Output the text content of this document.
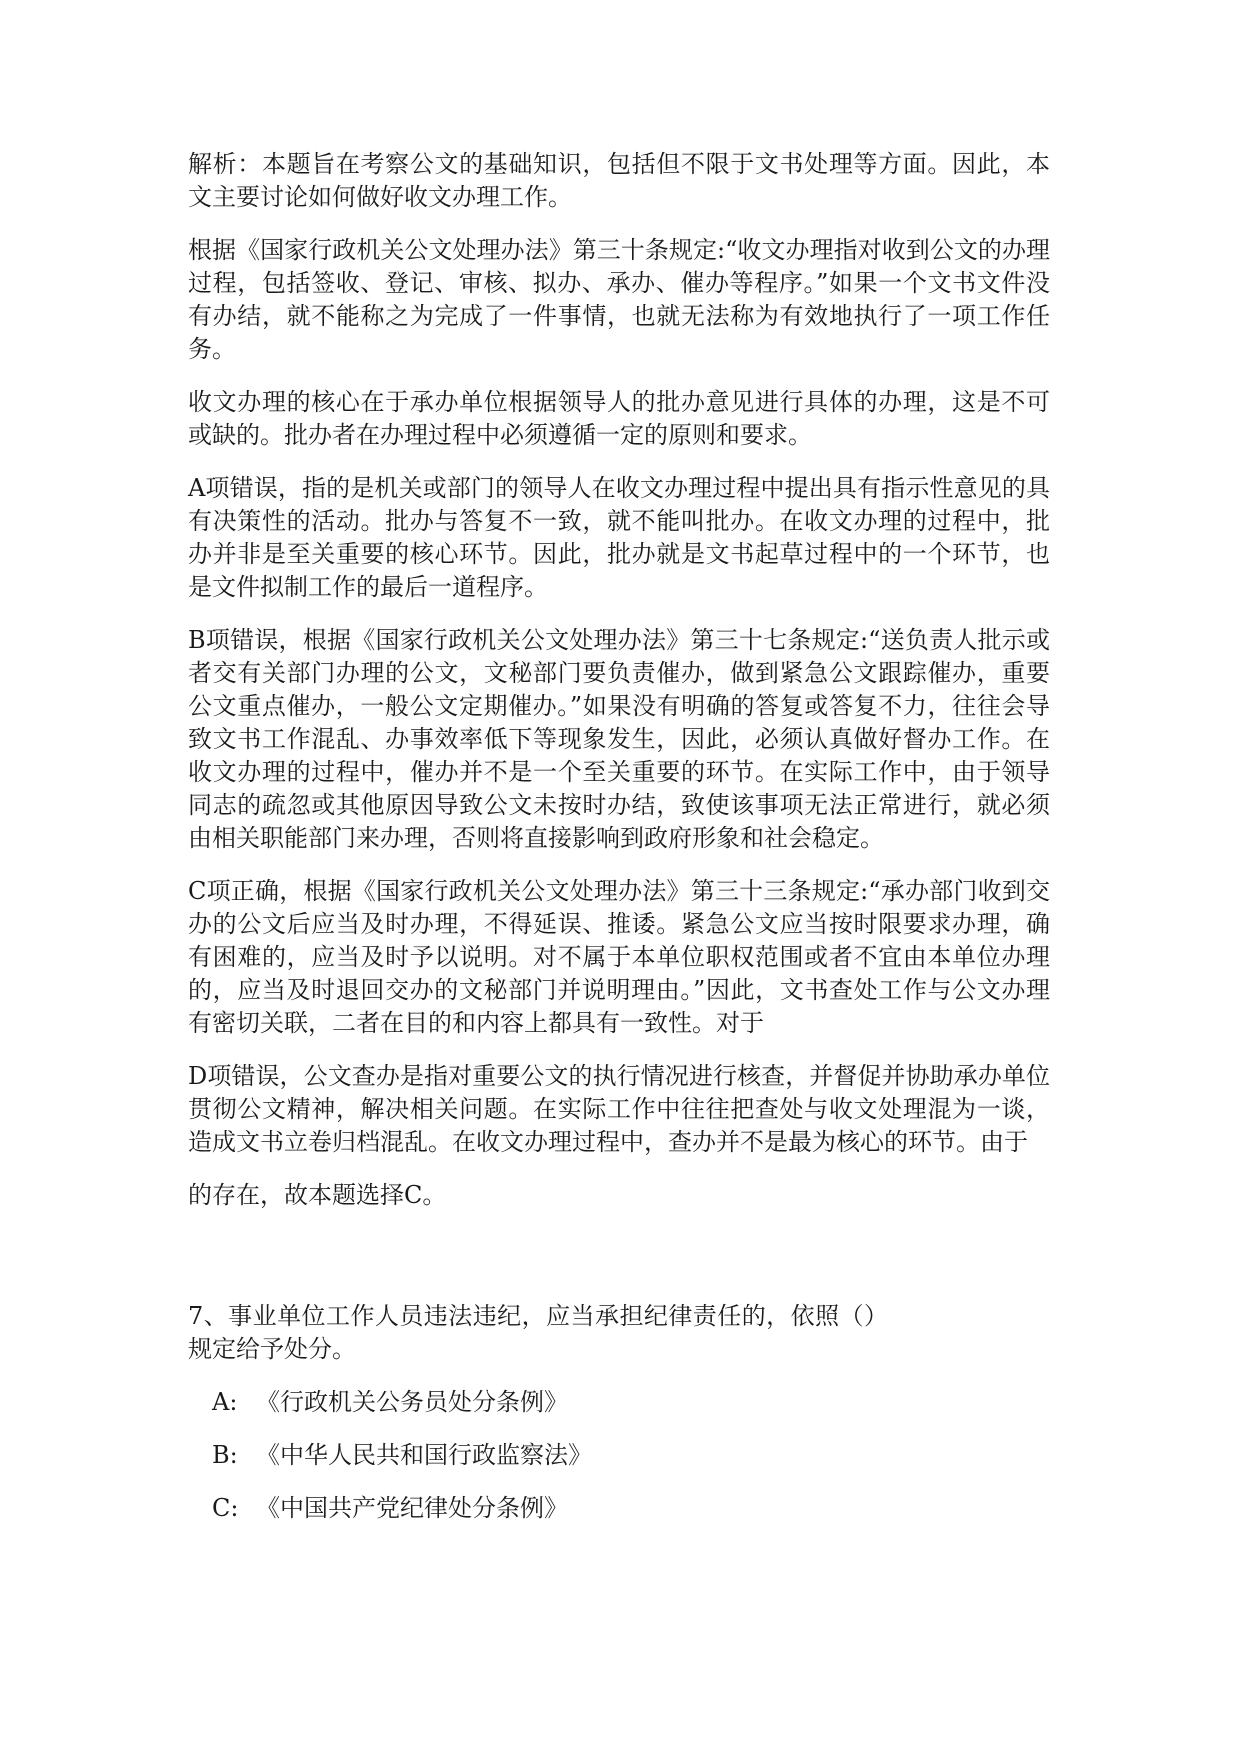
解析：本题旨在考察公文的基础知识，包括但不限于文书处理等方面。因此，本文主要讨论如何做好收文办理工作。

根据《国家行政机关公文处理办法》第三十条规定:“收文办理指对收到公文的办理过程，包括签收、登记、审核、拟办、承办、催办等程序。”如果一个文书文件没有办结，就不能称之为完成了一件事情，也就无法称为有效地执行了一项工作任务。

收文办理的核心在于承办单位根据领导人的批办意见进行具体的办理，这是不可或缺的。批办者在办理过程中必须遵循一定的原则和要求。

A项错误，指的是机关或部门的领导人在收文办理过程中提出具有指示性意见的具有决策性的活动。批办与答复不一致，就不能叫批办。在收文办理的过程中，批办并非是至关重要的核心环节。因此，批办就是文书起草过程中的一个环节，也是文件拟制工作的最后一道程序。

B项错误，根据《国家行政机关公文处理办法》第三十七条规定:“送负责人批示或者交有关部门办理的公文，文秘部门要负责催办，做到紧急公文跟踪催办，重要公文重点催办，一般公文定期催办。”如果没有明确的答复或答复不力，往往会导致文书工作混乱、办事效率低下等现象发生，因此，必须认真做好督办工作。在收文办理的过程中，催办并不是一个至关重要的环节。在实际工作中，由于领导同志的疏忽或其他原因导致公文未按时办结，致使该事项无法正常进行，就必须由相关职能部门来办理，否则将直接影响到政府形象和社会稳定。

C项正确，根据《国家行政机关公文处理办法》第三十三条规定:“承办部门收到交办的公文后应当及时办理，不得延误、推诿。紧急公文应当按时限要求办理，确有困难的，应当及时予以说明。对不属于本单位职权范围或者不宜由本单位办理的，应当及时退回交办的文秘部门并说明理由。”因此，文书查处工作与公文办理有密切关联，二者在目的和内容上都具有一致性。对于

D项错误，公文查办是指对重要公文的执行情况进行核查，并督促并协助承办单位贯彻公文精神，解决相关问题。在实际工作中往往把查处与收文处理混为一谈，造成文书立卷归档混乱。在收文办理过程中，查办并不是最为核心的环节。由于

的存在，故本题选择C。

7、事业单位工作人员违法违纪，应当承担纪律责任的，依照（）规定给予处分。

A: 《行政机关公务员处分条例》
B: 《中华人民共和国行政监察法》
C: 《中国共产党纪律处分条例》
